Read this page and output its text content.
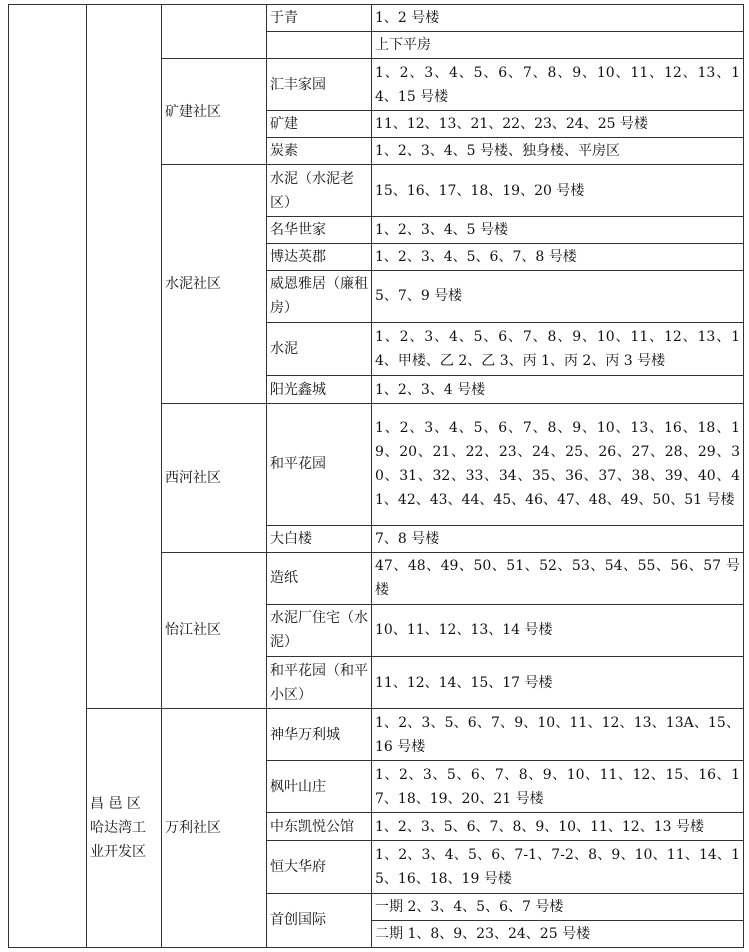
			于青	1、2 号楼
				上下平房
		矿建社区	汇丰家园	1、2、3、4、5、6、7、8、9、10、11、12、13、14、15 号楼
			矿建	11、12、13、21、22、23、24、25 号楼
			炭素	1、2、3、4、5 号楼、独身楼、平房区
		水泥社区	水泥（水泥老区）	15、16、17、18、19、20 号楼
			名华世家	1、2、3、4、5 号楼
			博达英郡	1、2、3、4、5、6、7、8 号楼
			威恩雅居（廉租房）	5、7、9 号楼
			水泥	1、2、3、4、5、6、7、8、9、10、11、12、13、14、甲楼、乙 2、乙 3、丙 1、丙 2、丙 3 号楼
			阳光鑫城	1、2、3、4 号楼
		西河社区	和平花园	1、2、3、4、5、6、7、8、9、10、13、16、18、19、20、21、22、23、24、25、26、27、28、29、30、31、32、33、34、35、36、37、38、39、40、41、42、43、44、45、46、47、48、49、50、51 号楼
			大白楼	7、8 号楼
		怡江社区	造纸	47、48、49、50、51、52、53、54、55、56、57 号楼
			水泥厂住宅（水泥）	10、11、12、13、14 号楼
			和平花园（和平小区）	11、12、14、15、17 号楼
	昌 邑 区 哈达湾工业开发区	万利社区	神华万利城	1、2、3、5、6、7、9、10、11、12、13、13A、15、16 号楼
			枫叶山庄	1、2、3、5、6、7、8、9、10、11、12、15、16、17、18、19、20、21 号楼
			中东凯悦公馆	1、2、3、5、6、7、8、9、10、11、12、13 号楼
			恒大华府	1、2、3、4、5、6、7-1、7-2、8、9、10、11、14、15、16、18、19 号楼
			首创国际	一期 2、3、4、5、6、7 号楼
				二期 1、8、9、23、24、25 号楼
